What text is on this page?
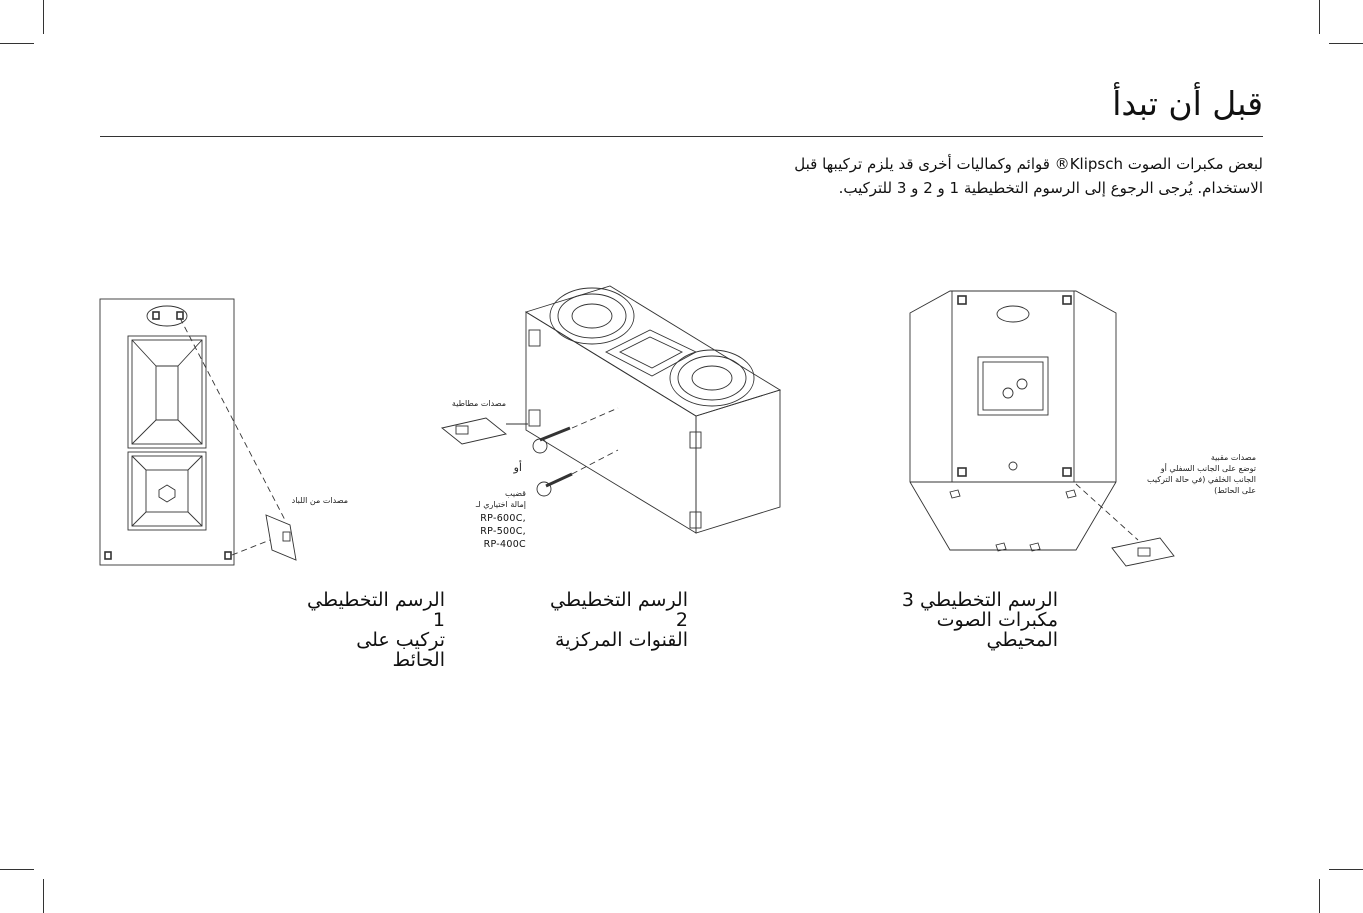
قبل أن تبدأ
لبعض مكبرات الصوت Klipsch® قوائم وكماليات أخرى قد يلزم تركيبها قبل
الاستخدام. يُرجى الرجوع إلى الرسوم التخطيطية 1 و 2 و 3 للتركيب.
مصدات من اللباد
الرسم التخطيطي 1
تركيب على الحائط
مصدات مطاطية
أو
قضيب
إمالة اختياري لـ
RP-600C,
RP-500C,
RP-400C
الرسم التخطيطي 2
القنوات المركزية
مصدات مقبية
توضع على الجانب السفلي أو
الجانب الخلفي (في حالة التركيب
على الحائط)
الرسم التخطيطي 3
مكبرات الصوت المحيطي
